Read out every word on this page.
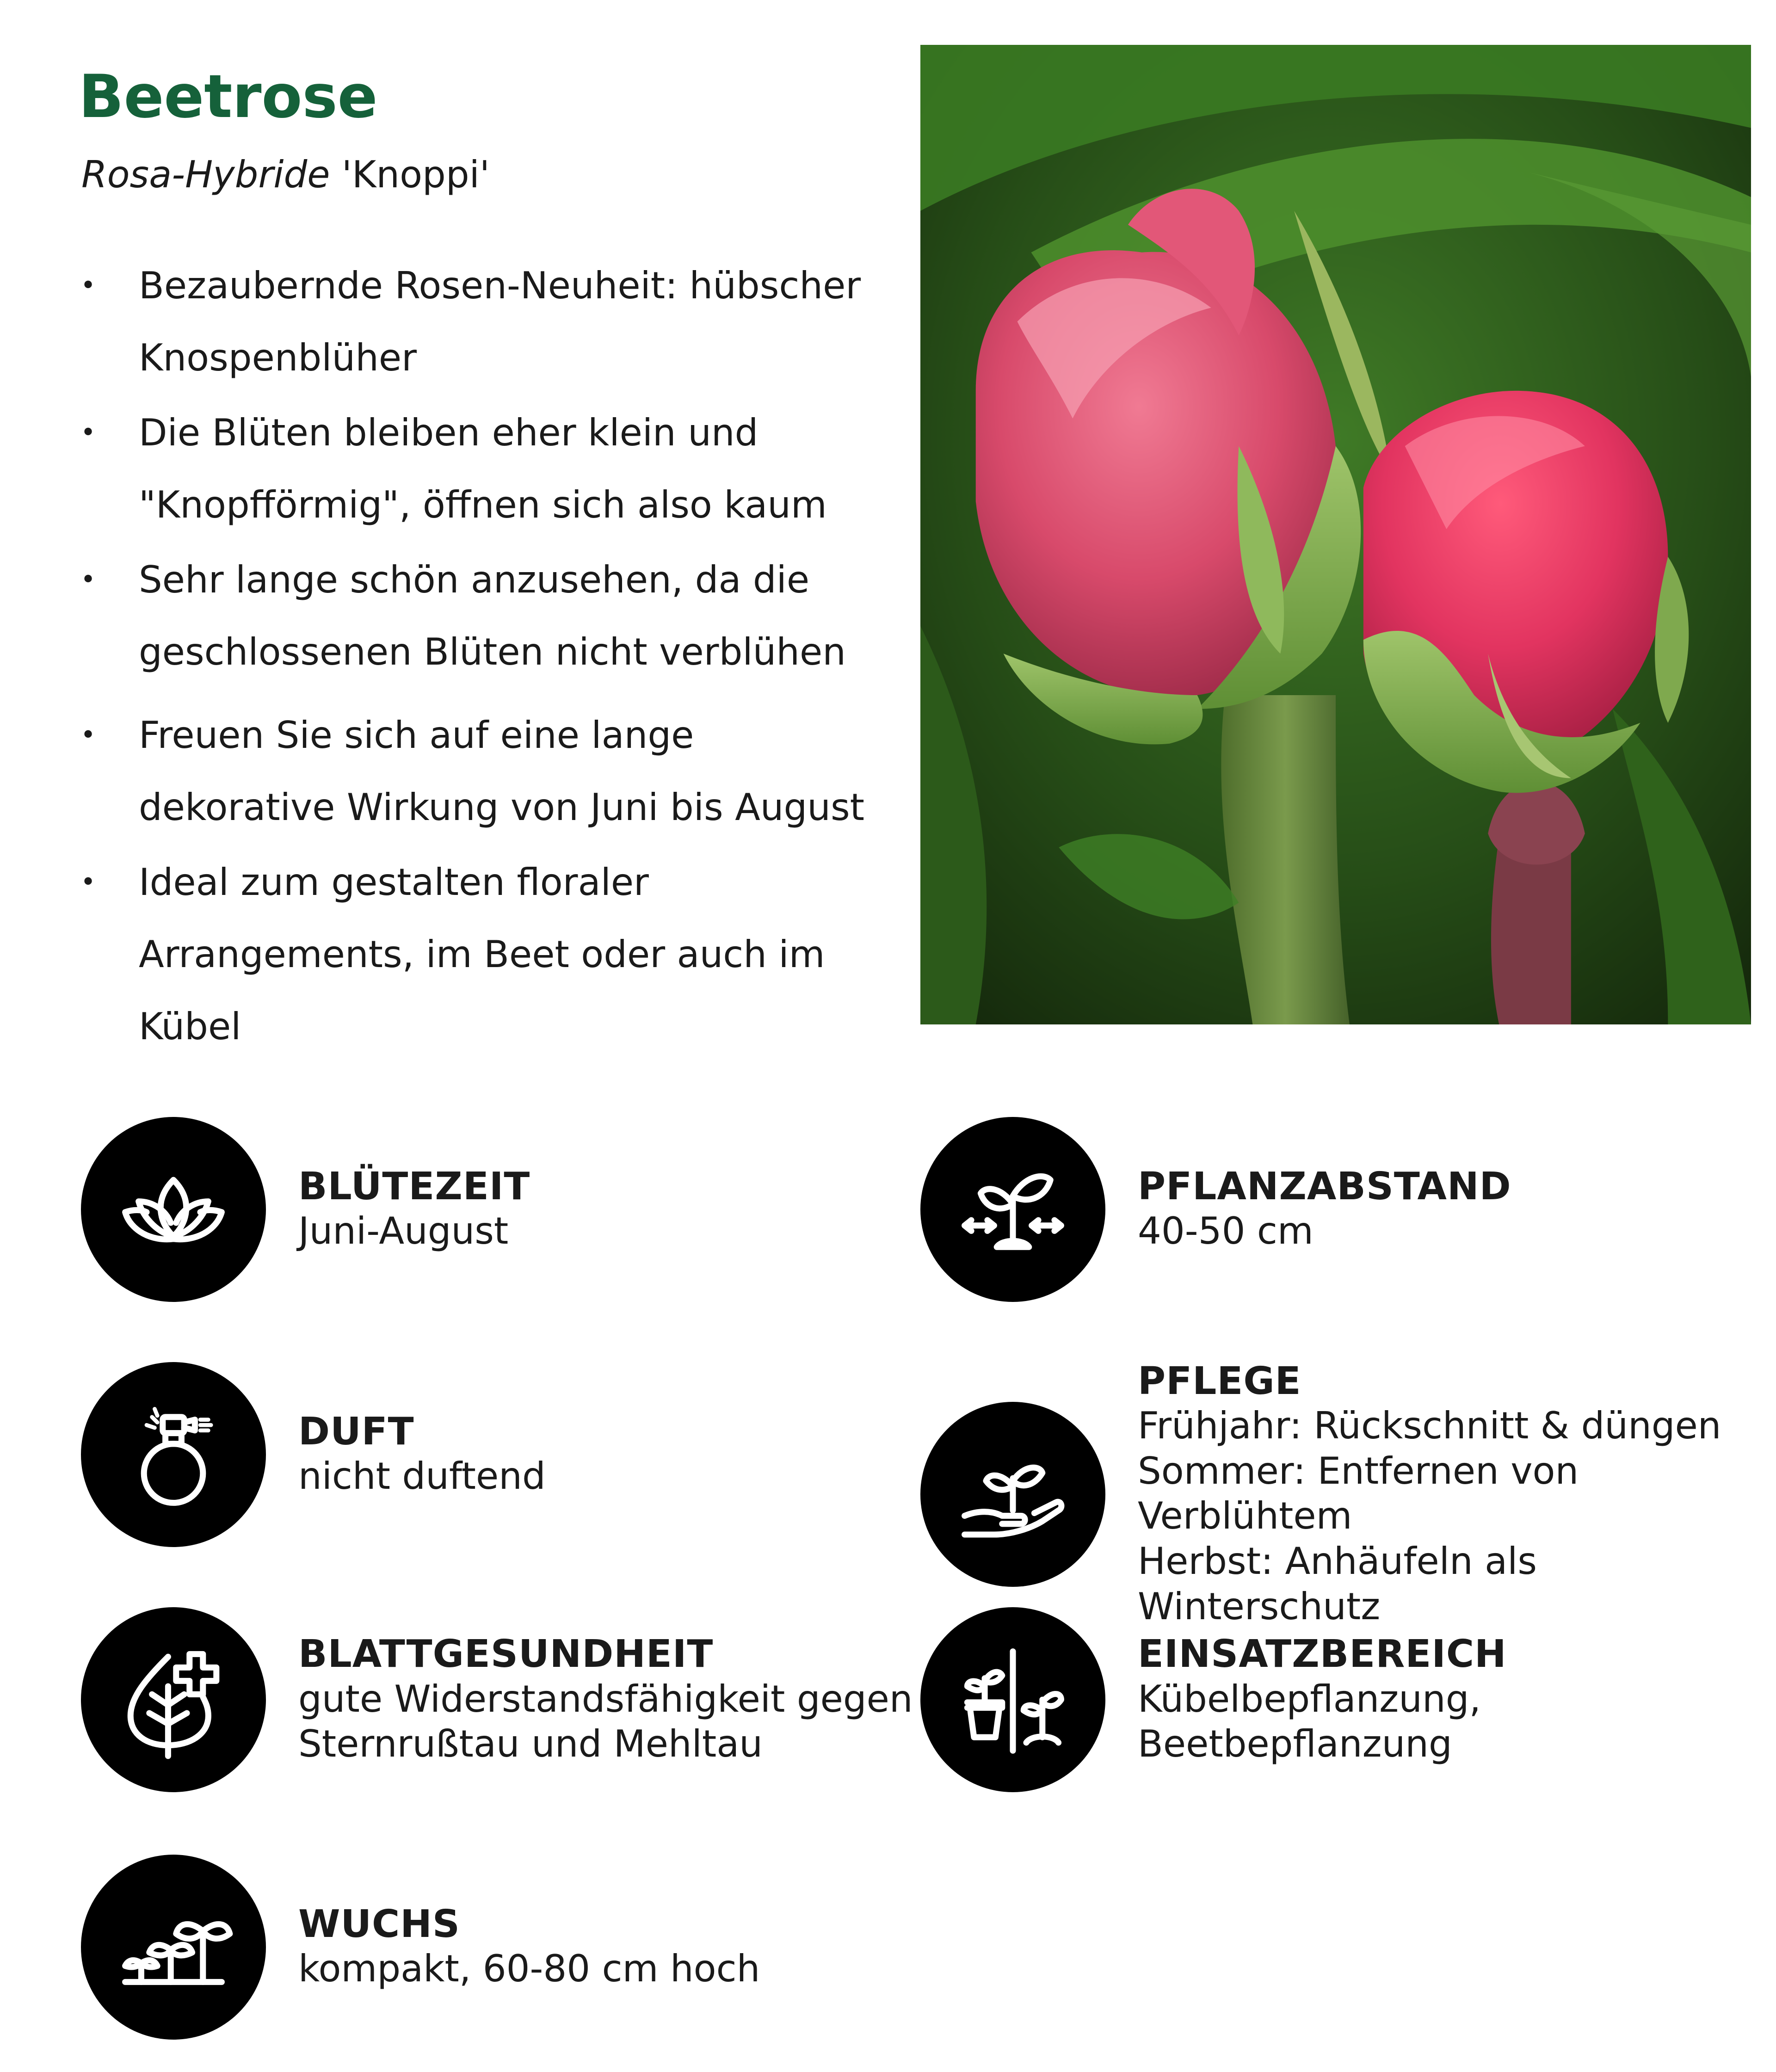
Beetrose

Rosa-Hybride 'Knoppi'

• Bezaubernde Rosen-Neuheit: hübscher Knospenblüher
• Die Blüten bleiben eher klein und "Knopfförmig", öffnen sich also kaum
• Sehr lange schön anzusehen, da die geschlossenen Blüten nicht verblühen
• Freuen Sie sich auf eine lange dekorative Wirkung von Juni bis August
• Ideal zum gestalten floraler Arrangements, im Beet oder auch im Kübel
BLÜTEZEIT
Juni-August
DUFT
nicht duftend
BLATTGESUNDHEIT
gute Widerstandsfähigkeit gegen
Sternrußtau und Mehltau
WUCHS
kompakt, 60-80 cm hoch
PFLANZABSTAND
40-50 cm
PFLEGE
Frühjahr: Rückschnitt & düngen
Sommer: Entfernen von Verblühtem
Herbst: Anhäufeln als Winterschutz
EINSATZBEREICH
Kübelbepflanzung,
Beetbepflanzung
